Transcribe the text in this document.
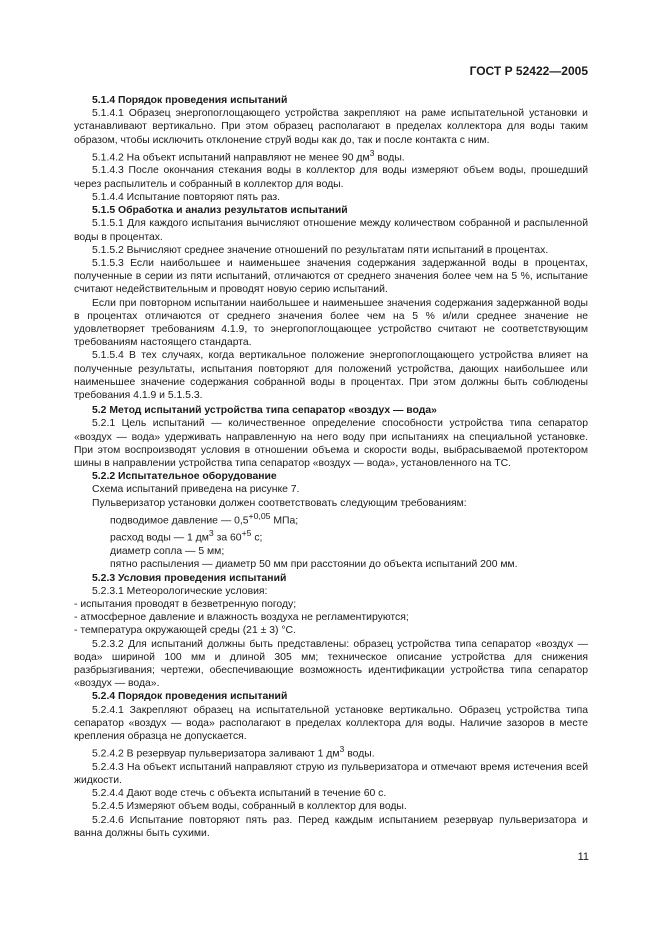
ГОСТ Р 52422—2005

5.1.4 Порядок проведения испытаний

5.1.4.1 Образец энергопоглощающего устройства закрепляют на раме испытательной установки и устанавливают вертикально. При этом образец располагают в пределах коллектора для воды таким образом, чтобы исключить отклонение струй воды как до, так и после контакта с ним.

5.1.4.2 На объект испытаний направляют не менее 90 $дм^3$ воды.

5.1.4.3 После окончания стекания воды в коллектор для воды измеряют объем воды, прошедший через распылитель и собранный в коллектор для воды.

5.1.4.4 Испытание повторяют пять раз.

5.1.5 Обработка и анализ результатов испытаний

5.1.5.1 Для каждого испытания вычисляют отношение между количеством собранной и распыленной воды в процентах.

5.1.5.2 Вычисляют среднее значение отношений по результатам пяти испытаний в процентах.

5.1.5.3 Если наибольшее и наименьшее значения содержания задержанной воды в процентах, полученные в серии из пяти испытаний, отличаются от среднего значения более чем на 5 %, испытание считают недействительным и проводят новую серию испытаний.

Если при повторном испытании наибольшее и наименьшее значения содержания задержанной воды в процентах отличаются от среднего значения более чем на 5 % и/или среднее значение не удовлетворяет требованиям 4.1.9, то энергопоглощающее устройство считают не соответствующим требованиям настоящего стандарта.

5.1.5.4 В тех случаях, когда вертикальное положение энергопоглощающего устройства влияет на полученные результаты, испытания повторяют для положений устройства, дающих наибольшее или наименьшее значение содержания собранной воды в процентах. При этом должны быть соблюдены требования 4.1.9 и 5.1.5.3.

5.2 Метод испытаний устройства типа сепаратор «воздух — вода»

5.2.1 Цель испытаний — количественное определение способности устройства типа сепаратор «воздух — вода» удерживать направленную на него воду при испытаниях на специальной установке. При этом воспроизводят условия в отношении объема и скорости воды, выбрасываемой протектором шины в направлении устройства типа сепаратор «воздух — вода», установленного на ТС.

5.2.2 Испытательное оборудование

Схема испытаний приведена на рисунке 7.

Пульверизатор установки должен соответствовать следующим требованиям:

подводимое давление — $0,5^{+0,05}$ МПа;

расход воды — 1 $дм^3$ за $60^{+5}$ с;

диаметр сопла — 5 мм;

пятно распыления — диаметр 50 мм при расстоянии до объекта испытаний 200 мм.

5.2.3 Условия проведения испытаний

5.2.3.1 Метеорологические условия:

- испытания проводят в безветренную погоду;

- атмосферное давление и влажность воздуха не регламентируются;

- температура окружающей среды (21 ± 3) °С.

5.2.3.2 Для испытаний должны быть представлены: образец устройства типа сепаратор «воздух — вода» шириной 100 мм и длиной 305 мм; техническое описание устройства для снижения разбрызгивания; чертежи, обеспечивающие возможность идентификации устройства типа сепаратор «воздух — вода».

5.2.4 Порядок проведения испытаний

5.2.4.1 Закрепляют образец на испытательной установке вертикально. Образец устройства типа сепаратор «воздух — вода» располагают в пределах коллектора для воды. Наличие зазоров в месте крепления образца не допускается.

5.2.4.2 В резервуар пульверизатора заливают 1 $дм^3$ воды.

5.2.4.3 На объект испытаний направляют струю из пульверизатора и отмечают время истечения всей жидкости.

5.2.4.4 Дают воде стечь с объекта испытаний в течение 60 с.

5.2.4.5 Измеряют объем воды, собранный в коллектор для воды.

5.2.4.6 Испытание повторяют пять раз. Перед каждым испытанием резервуар пульверизатора и ванна должны быть сухими.

11
